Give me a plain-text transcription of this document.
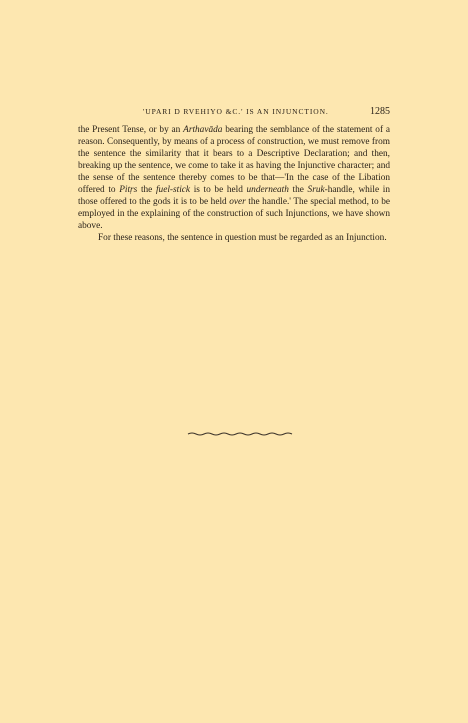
'UPARI D RVEHIYO &C.' IS AN INJUNCTION.	1285

the Present Tense, or by an Arthavāda bearing the semblance of the statement of a reason. Consequently, by means of a process of construction, we must remove from the sentence the similarity that it bears to a Descriptive Declaration; and then, breaking up the sentence, we come to take it as having the Injunctive character; and the sense of the sentence thereby comes to be that—'In the case of the Libation offered to Pitṛs the fuel-stick is to be held underneath the Sruk-handle, while in those offered to the gods it is to be held over the handle.' The special method, to be employed in the explaining of the construction of such Injunctions, we have shown above.

For these reasons, the sentence in question must be regarded as an Injunction.
